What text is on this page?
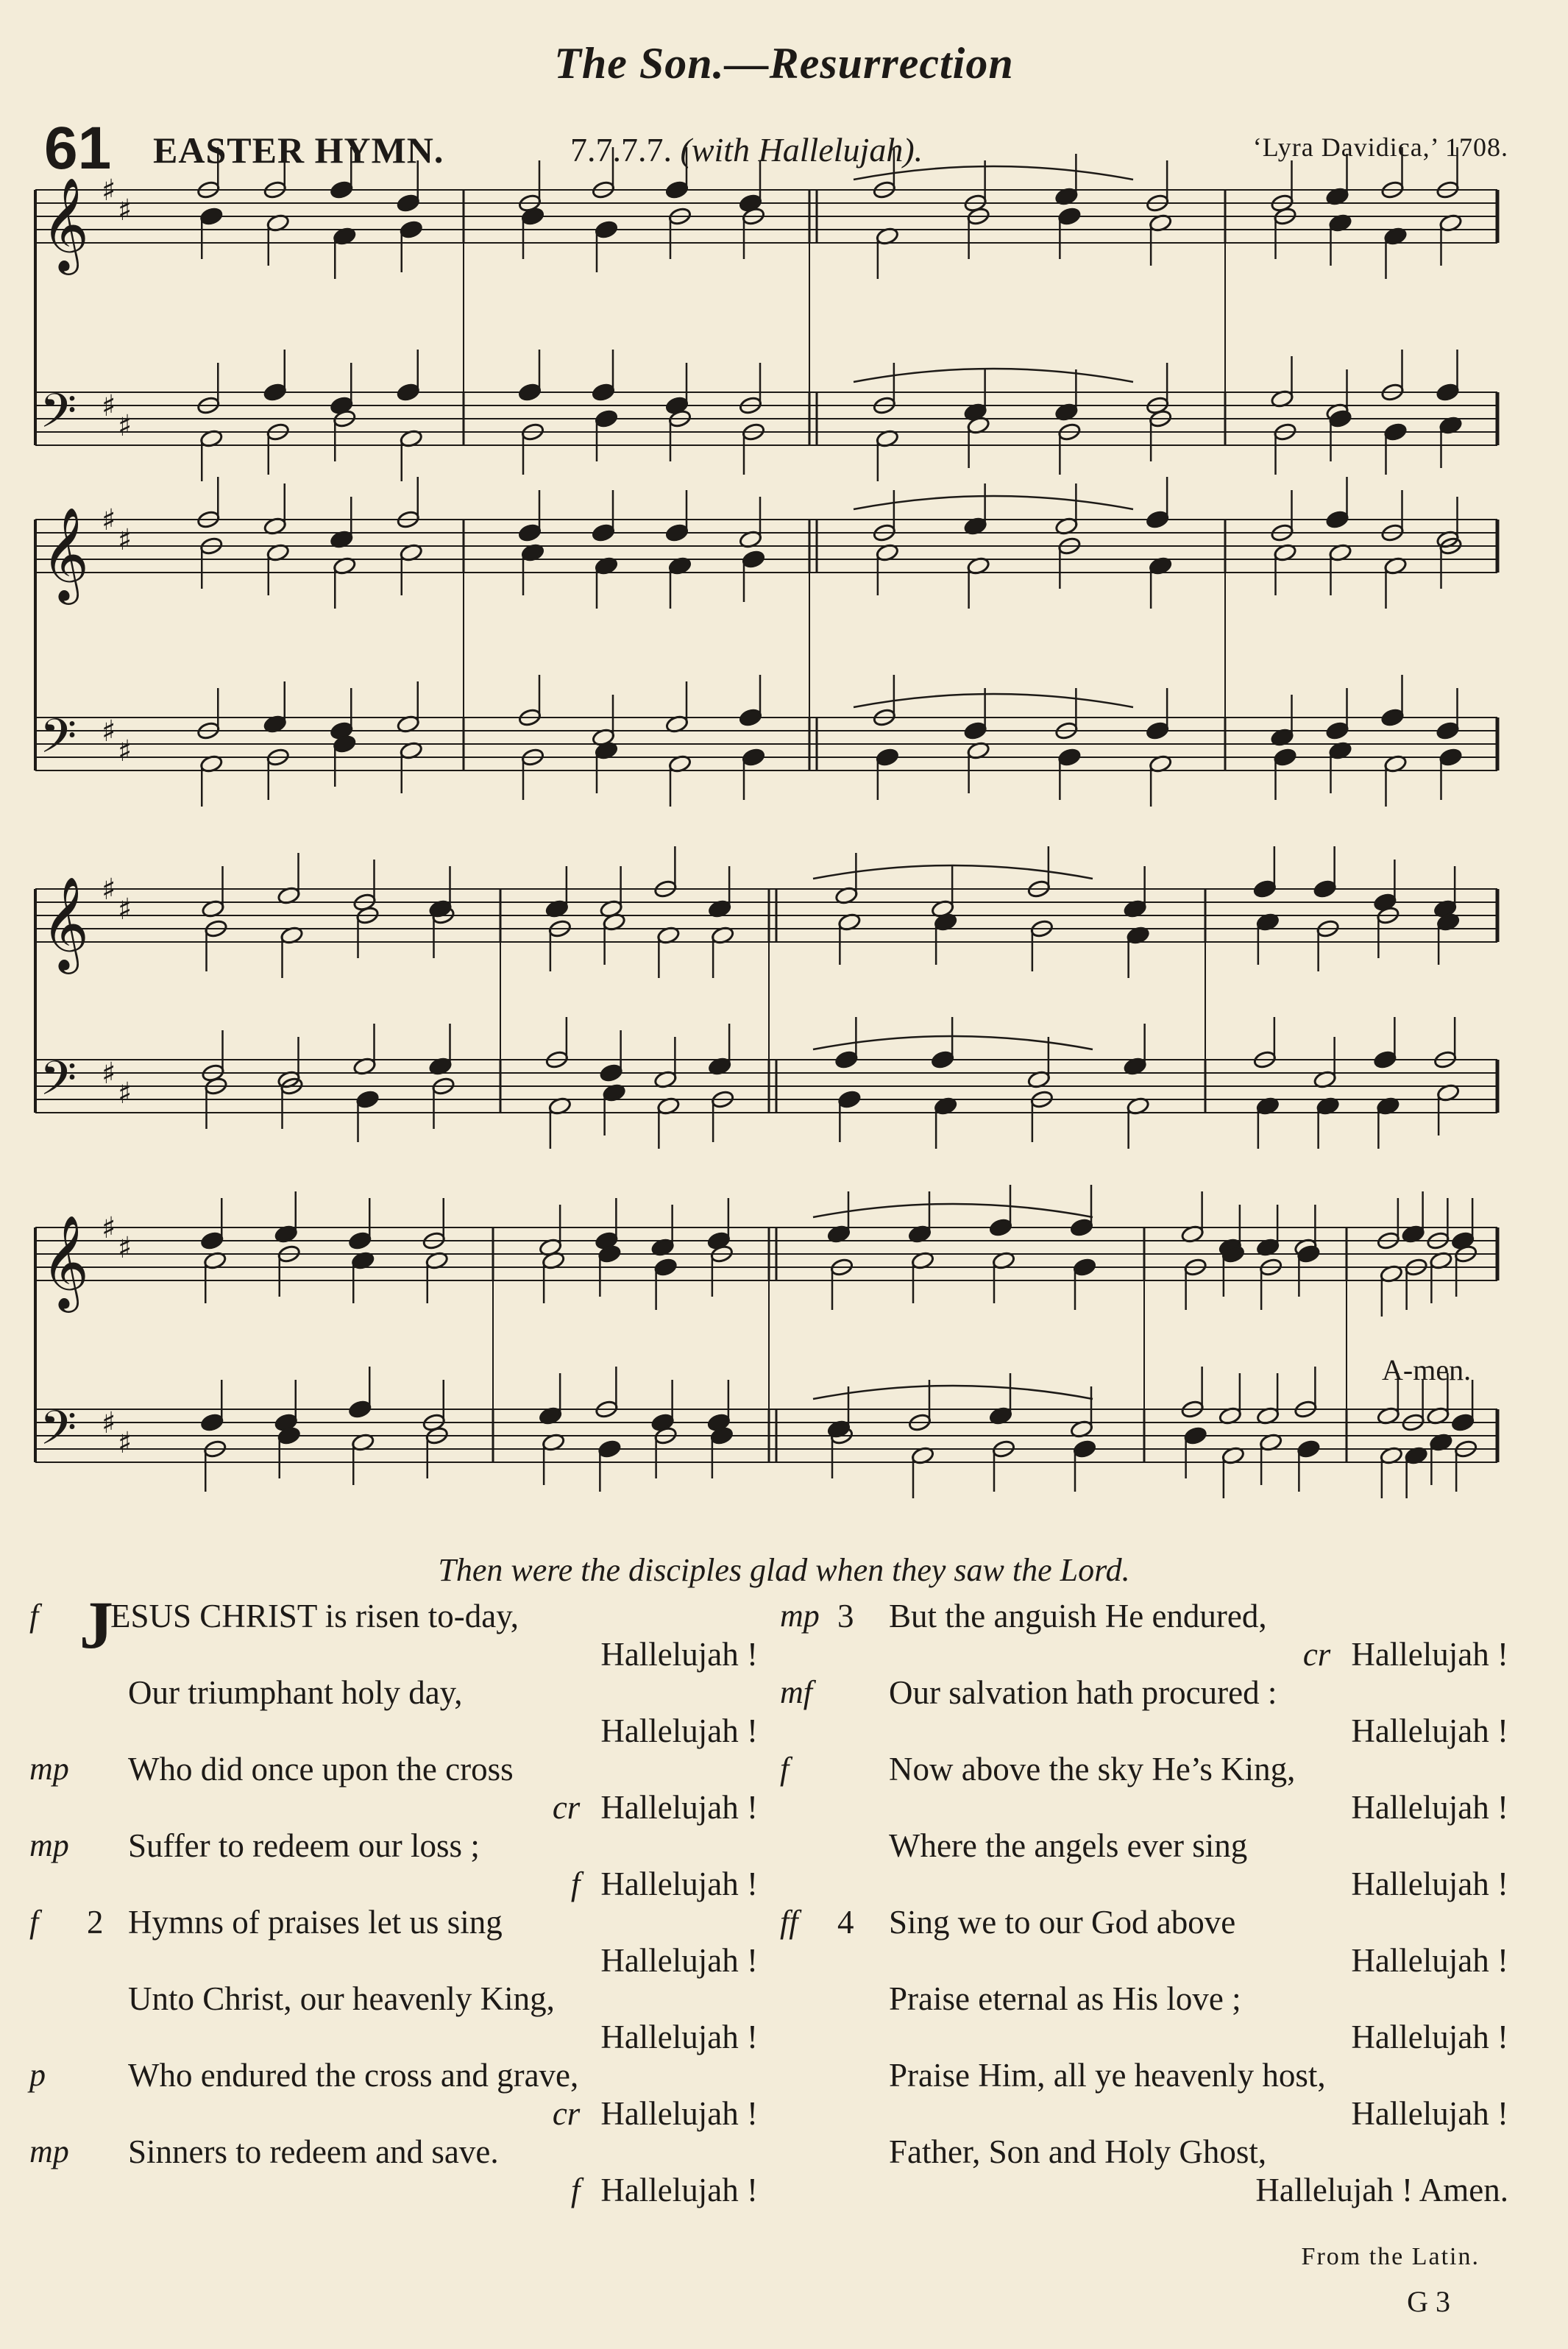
The Son.—Resurrection
61 EASTER HYMN.	7.7.7.7. (with Hallelujah).	‘Lyra Davidica,’ 1708.
𝄞 ♯
♯
𝄢 ♯
♯
𝄞 ♯
♯
𝄢 ♯
♯
𝄞 ♯
♯
𝄢 ♯
♯
𝄞 ♯
♯
𝄢 ♯
♯
A-men.
Then were the disciples glad when they saw the Lord.
f J
ESUS CHRIST is risen to-day,
Hallelujah !
Our triumphant holy day,
Hallelujah !
mp Who did once upon the cross
cr Hallelujah !
mp Suffer to redeem our loss ;
f Hallelujah !
f 2 Hymns of praises let us sing
Hallelujah !
Unto Christ, our heavenly King,
Hallelujah !
p Who endured the cross and grave,
cr Hallelujah !
mp Sinners to redeem and save.
f Hallelujah !
mp 3 But the anguish He endured,
cr Hallelujah !
mf Our salvation hath procured :
Hallelujah !
f	Now above the sky He’s King,
Hallelujah !
Where the angels ever sing
Hallelujah !
ff 4 Sing we to our God above
Hallelujah !
Praise eternal as His love ;
Hallelujah !
Praise Him, all ye heavenly host,
Hallelujah !
Father, Son and Holy Ghost,
Hallelujah ! Amen.
From the Latin.
G 3
